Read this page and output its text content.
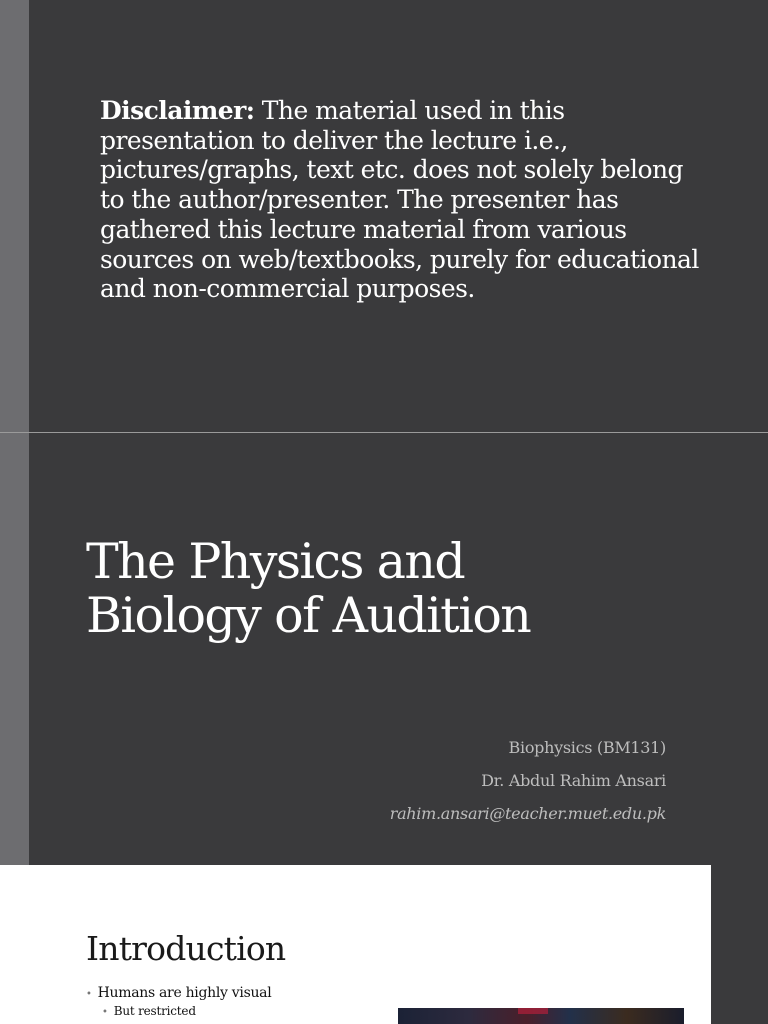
Disclaimer: The material used in this presentation to deliver the lecture i.e., pictures/graphs, text etc. does not solely belong to the author/presenter. The presenter has gathered this lecture material from various sources on web/textbooks, purely for educational and non-commercial purposes.
The Physics and
Biology of Audition
Biophysics (BM131)
Dr. Abdul Rahim Ansari
rahim.ansari@teacher.muet.edu.pk
Introduction
• Humans are highly visual
• But restricted
